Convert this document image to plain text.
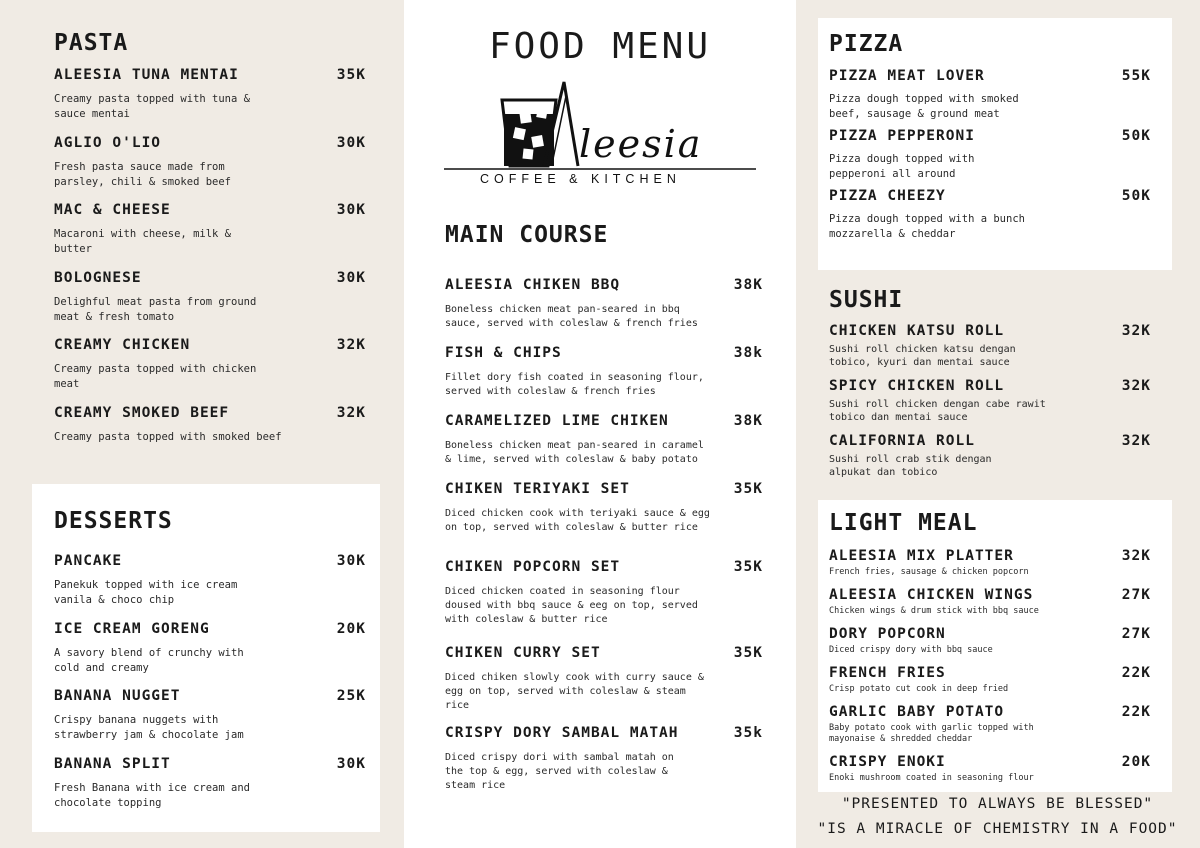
PASTA
ALEESIA TUNA MENTAI	35K
Creamy pasta topped with tuna & sauce mentai
AGLIO O'LIO	30K
Fresh pasta sauce made from parsley, chili & smoked beef
MAC & CHEESE	30K
Macaroni with cheese, milk & butter
BOLOGNESE	30K
Delighful meat pasta from ground meat & fresh tomato
CREAMY CHICKEN	32K
Creamy pasta topped with chicken meat
CREAMY SMOKED BEEF	32K
Creamy pasta topped with smoked beef
DESSERTS
PANCAKE	30K
Panekuk topped with ice cream vanila & choco chip
ICE CREAM GORENG	20K
A savory blend of crunchy with cold and creamy
BANANA NUGGET	25K
Crispy banana nuggets with strawberry jam & chocolate jam
BANANA SPLIT	30K
Fresh Banana with ice cream and chocolate topping
FOOD MENU
leesia
COFFEE & KITCHEN
MAIN COURSE
ALEESIA CHIKEN BBQ	38K
Boneless chicken meat pan-seared in bbq sauce, served with coleslaw & french fries
FISH & CHIPS	38k
Fillet dory fish coated in seasoning flour, served with coleslaw & french fries
CARAMELIZED LIME CHIKEN	38K
Boneless chicken meat pan-seared in caramel & lime, served with coleslaw & baby potato
CHIKEN TERIYAKI SET	35K
Diced chicken cook with teriyaki sauce & egg on top, served with coleslaw & butter rice
CHIKEN POPCORN SET	35K
Diced chicken coated in seasoning flour doused with bbq sauce & eeg on top, served with coleslaw & butter rice
CHIKEN CURRY SET	35K
Diced chiken slowly cook with curry sauce & egg on top, served with coleslaw & steam rice
CRISPY DORY SAMBAL MATAH	35k
Diced crispy dori with sambal matah on the top & egg, served with coleslaw & steam rice
PIZZA
PIZZA MEAT LOVER	55K
Pizza dough topped with smoked beef, sausage & ground meat
PIZZA PEPPERONI	50K
Pizza dough topped with pepperoni all around
PIZZA CHEEZY	50K
Pizza dough topped with a bunch mozzarella & cheddar
SUSHI
CHICKEN KATSU ROLL	32K
Sushi roll chicken katsu dengan tobico, kyuri dan mentai sauce
SPICY CHICKEN ROLL	32K
Sushi roll chicken dengan cabe rawit tobico dan mentai sauce
CALIFORNIA ROLL	32K
Sushi roll crab stik dengan alpukat dan tobico
LIGHT MEAL
ALEESIA MIX PLATTER	32K
French fries, sausage & chicken popcorn
ALEESIA CHICKEN WINGS	27K
Chicken wings & drum stick with bbq sauce
DORY POPCORN	27K
Diced crispy dory with bbq sauce
FRENCH FRIES	22K
Crisp potato cut cook in deep fried
GARLIC BABY POTATO	22K
Baby potato cook with garlic topped with mayonaise & shredded cheddar
CRISPY ENOKI	20K
Enoki mushroom coated in seasoning flour
"PRESENTED TO ALWAYS BE BLESSED"
"IS A MIRACLE OF CHEMISTRY IN A FOOD"
